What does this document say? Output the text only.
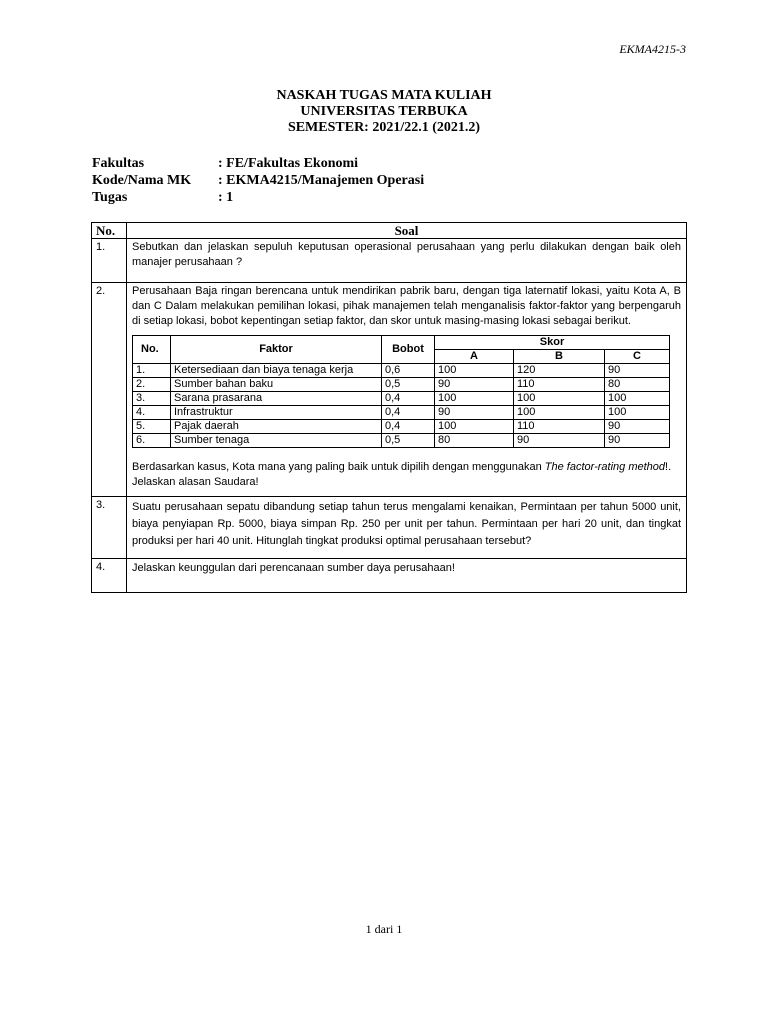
EKMA4215-3
NASKAH TUGAS MATA KULIAH
UNIVERSITAS TERBUKA
SEMESTER: 2021/22.1 (2021.2)
Fakultas	: FE/Fakultas Ekonomi
Kode/Nama MK	: EKMA4215/Manajemen Operasi
Tugas	: 1
No.	Soal
1.	Sebutkan dan jelaskan sepuluh keputusan operasional perusahaan yang perlu dilakukan dengan baik oleh manajer perusahaan ?

2.	Perusahaan Baja ringan berencana untuk mendirikan pabrik baru, dengan tiga laternatif lokasi, yaitu Kota A, B dan C Dalam melakukan pemilihan lokasi, pihak manajemen telah menganalisis faktor-faktor yang berpengaruh di setiap lokasi, bobot kepentingan setiap faktor, dan skor untuk masing-masing lokasi sebagai berikut.
No.	Faktor	Bobot	Skor
A	B	C
1.	Ketersediaan dan biaya tenaga kerja	0,6	100	120	90
2.	Sumber bahan baku	0,5	90	110	80
3.	Sarana prasarana	0,4	100	100	100
4.	Infrastruktur	0,4	90	100	100
5.	Pajak daerah	0,4	100	110	90
6.	Sumber tenaga	0,5	80	90	90

Berdasarkan kasus, Kota mana yang paling baik untuk dipilih dengan menggunakan The factor-rating method!. Jelaskan alasan Saudara!

3.	Suatu perusahaan sepatu dibandung setiap tahun terus mengalami kenaikan, Permintaan per tahun 5000 unit, biaya penyiapan Rp. 5000, biaya simpan Rp. 250 per unit per tahun. Permintaan per hari 20 unit, dan tingkat produksi per hari 40 unit. Hitunglah tingkat produksi optimal perusahaan tersebut?

4.	Jelaskan keunggulan dari perencanaan sumber daya perusahaan!
1 dari 1
